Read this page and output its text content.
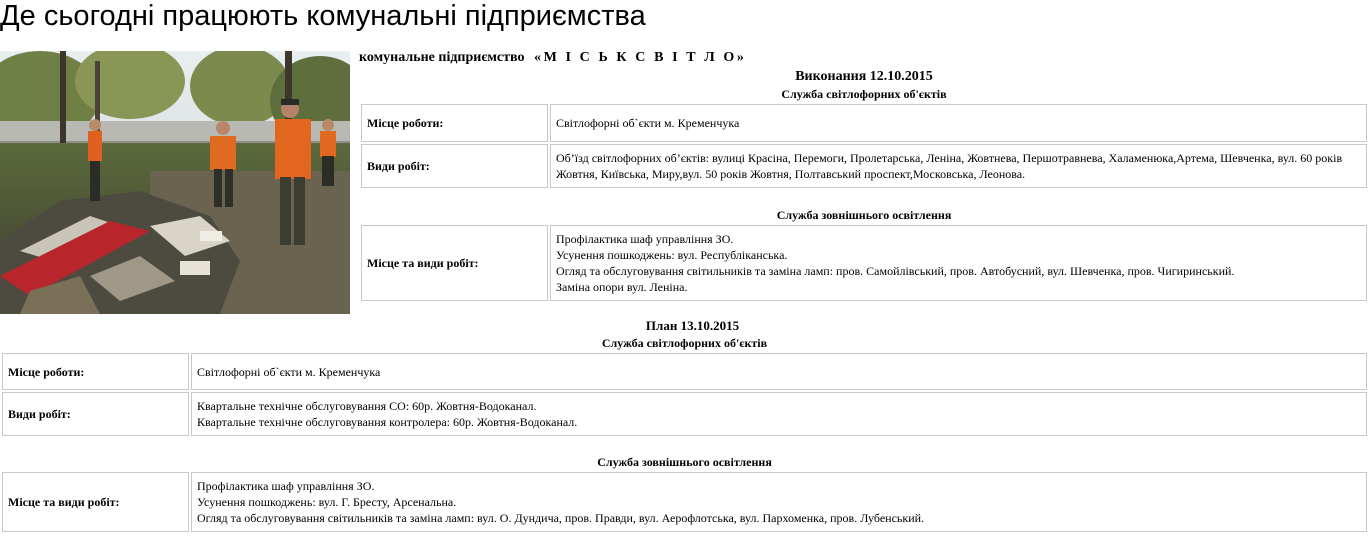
Де сьогодні працюють комунальні підприємства
комунальне підприємство «М І С Ь К С В І Т Л О»
Виконання 12.10.2015
Служба світлофорних об'єктів
Місце роботи:	Світлофорні об`єкти м. Кременчука

Види робіт:	Об’їзд світлофорних об’єктів: вулиці Красіна, Перемоги, Пролетарська, Леніна, Жовтнева, Першотравнева, Халаменюка,Артема, Шевченка, вул. 60 років Жовтня, Київська, Миру,вул. 50 років Жовтня, Полтавський проспект,Московська, Леонова.
Служба зовнішнього освітлення
Місце та види робіт:	
Профілактика шаф управління ЗО.
Усунення пошкоджень: вул. Республіканська.
Огляд та обслуговування світильників та заміна ламп: пров. Самойлівський, пров. Автобусний, вул. Шевченка, пров. Чигиринський.
Заміна опори вул. Леніна.
План 13.10.2015
Служба світлофорних об'єктів
Місце роботи:	Світлофорні об`єкти м. Кременчука

Види робіт:	Квартальне технічне обслуговування СО: 60р. Жовтня-Водоканал.
Квартальне технічне обслуговування контролера: 60р. Жовтня-Водоканал.
Служба зовнішнього освітлення
Місце та види робіт:	
Профілактика шаф управління ЗО.
Усунення пошкоджень: вул. Г. Бресту, Арсенальна.
Огляд та обслуговування світильників та заміна ламп: вул. О. Дундича, пров. Правди, вул. Аерофлотська, вул. Пархоменка, пров. Лубенський.
